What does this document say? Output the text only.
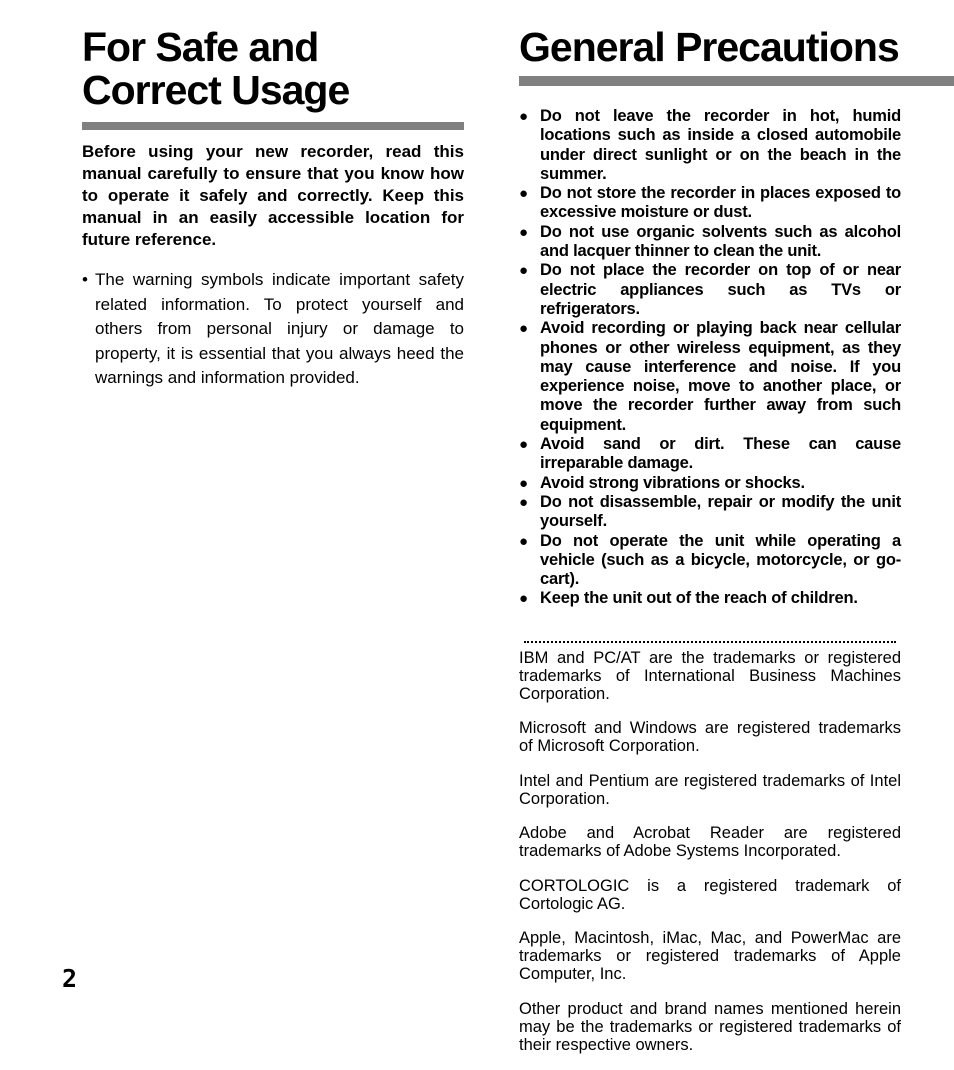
For Safe and
Correct Usage

Before using your new recorder, read this manual carefully to ensure that you know how to operate it safely and correctly. Keep this manual in an easily accessible location for future reference.

• The warning symbols indicate important safety related information. To protect yourself and others from personal injury or damage to property, it is essential that you always heed the warnings and information provided.
General Precautions
● Do not leave the recorder in hot, humid locations such as inside a closed automobile under direct sunlight or on the beach in the summer.
● Do not store the recorder in places exposed to excessive moisture or dust.
● Do not use organic solvents such as alcohol and lacquer thinner to clean the unit.
● Do not place the recorder on top of or near electric appliances such as TVs or refrigerators.
● Avoid recording or playing back near cellular phones or other wireless equipment, as they may cause interference and noise. If you experience noise, move to another place, or move the recorder further away from such equipment.
● Avoid sand or dirt. These can cause irreparable damage.
● Avoid strong vibrations or shocks.
● Do not disassemble, repair or modify the unit yourself.
● Do not operate the unit while operating a vehicle (such as a bicycle, motorcycle, or go-cart).
● Keep the unit out of the reach of children.

IBM and PC/AT are the trademarks or registered trademarks of International Business Machines Corporation.

Microsoft and Windows are registered trademarks of Microsoft Corporation.

Intel and Pentium are registered trademarks of Intel Corporation.

Adobe and Acrobat Reader are registered trademarks of Adobe Systems Incorporated.

CORTOLOGIC is a registered trademark of Cortologic AG.

Apple, Macintosh, iMac, Mac, and PowerMac are trademarks or registered trademarks of Apple Computer, Inc.

Other product and brand names mentioned herein may be the trademarks or registered trademarks of their respective owners.

2
